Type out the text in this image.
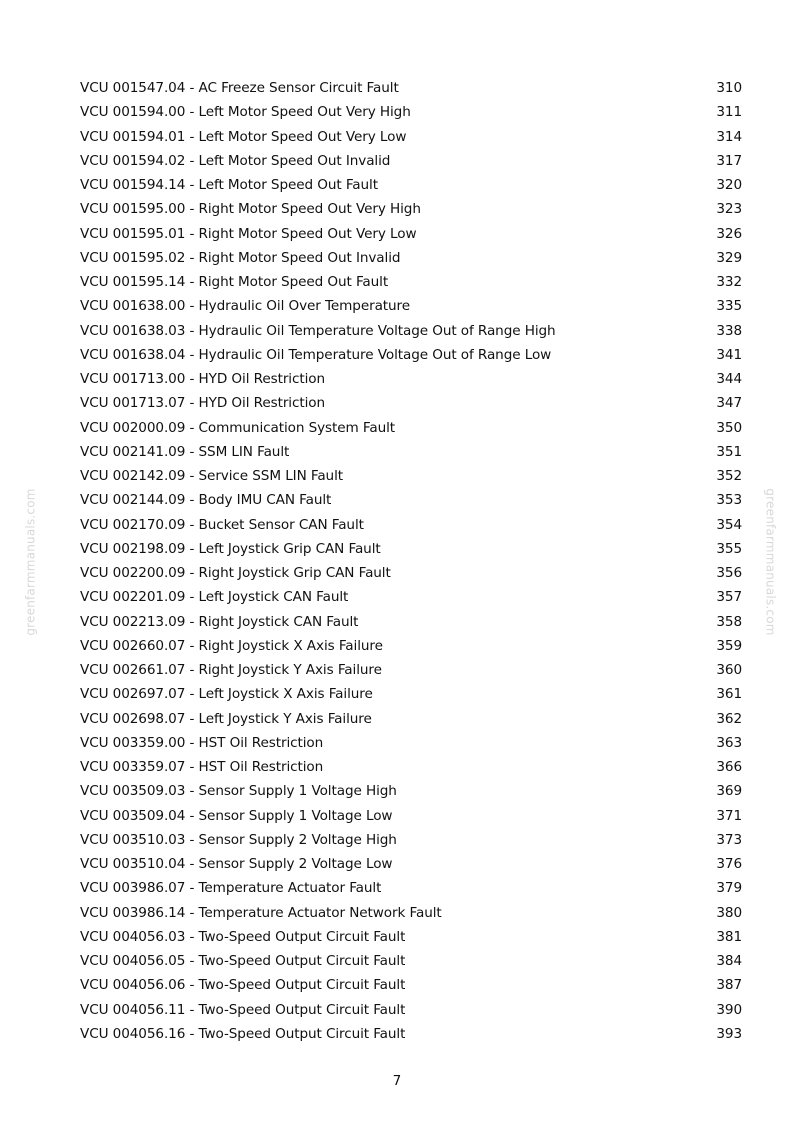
greenfarmmanuals.com	greenfarmmanuals.com
VCU 001547.04 - AC Freeze Sensor Circuit Fault	310
VCU 001594.00 - Left Motor Speed Out Very High	311
VCU 001594.01 - Left Motor Speed Out Very Low	314
VCU 001594.02 - Left Motor Speed Out Invalid	317
VCU 001594.14 - Left Motor Speed Out Fault	320
VCU 001595.00 - Right Motor Speed Out Very High	323
VCU 001595.01 - Right Motor Speed Out Very Low	326
VCU 001595.02 - Right Motor Speed Out Invalid	329
VCU 001595.14 - Right Motor Speed Out Fault	332
VCU 001638.00 - Hydraulic Oil Over Temperature	335
VCU 001638.03 - Hydraulic Oil Temperature Voltage Out of Range High	338
VCU 001638.04 - Hydraulic Oil Temperature Voltage Out of Range Low	341
VCU 001713.00 - HYD Oil Restriction	344
VCU 001713.07 - HYD Oil Restriction	347
VCU 002000.09 - Communication System Fault	350
VCU 002141.09 - SSM LIN Fault	351
VCU 002142.09 - Service SSM LIN Fault	352
VCU 002144.09 - Body IMU CAN Fault	353
VCU 002170.09 - Bucket Sensor CAN Fault	354
VCU 002198.09 - Left Joystick Grip CAN Fault	355
VCU 002200.09 - Right Joystick Grip CAN Fault	356
VCU 002201.09 - Left Joystick CAN Fault	357
VCU 002213.09 - Right Joystick CAN Fault	358
VCU 002660.07 - Right Joystick X Axis Failure	359
VCU 002661.07 - Right Joystick Y Axis Failure	360
VCU 002697.07 - Left Joystick X Axis Failure	361
VCU 002698.07 - Left Joystick Y Axis Failure	362
VCU 003359.00 - HST Oil Restriction	363
VCU 003359.07 - HST Oil Restriction	366
VCU 003509.03 - Sensor Supply 1 Voltage High	369
VCU 003509.04 - Sensor Supply 1 Voltage Low	371
VCU 003510.03 - Sensor Supply 2 Voltage High	373
VCU 003510.04 - Sensor Supply 2 Voltage Low	376
VCU 003986.07 - Temperature Actuator Fault	379
VCU 003986.14 - Temperature Actuator Network Fault	380
VCU 004056.03 - Two-Speed Output Circuit Fault	381
VCU 004056.05 - Two-Speed Output Circuit Fault	384
VCU 004056.06 - Two-Speed Output Circuit Fault	387
VCU 004056.11 - Two-Speed Output Circuit Fault	390
VCU 004056.16 - Two-Speed Output Circuit Fault	393
7
